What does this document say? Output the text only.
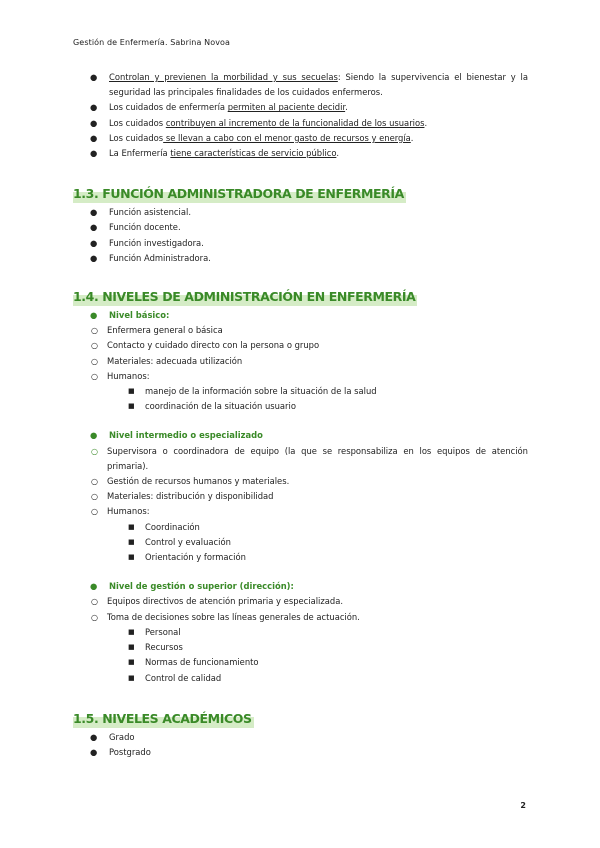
Gestión de Enfermería. Sabrina Novoa
● Controlan y previenen la morbilidad y sus secuelas: Siendo la supervivencia el bienestar y la seguridad las principales finalidades de los cuidados enfermeros.
● Los cuidados de enfermería permiten al paciente decidir.
● Los cuidados contribuyen al incremento de la funcionalidad de los usuarios.
● Los cuidados se llevan a cabo con el menor gasto de recursos y energía.
● La Enfermería tiene características de servicio público.
1.3. FUNCIÓN ADMINISTRADORA DE ENFERMERÍA
● Función asistencial.
● Función docente.
● Función investigadora.
● Función Administradora.
1.4. NIVELES DE ADMINISTRACIÓN EN ENFERMERÍA
● Nivel básico:
○ Enfermera general o básica
○ Contacto y cuidado directo con la persona o grupo
○ Materiales: adecuada utilización
○ Humanos:
■ manejo de la información sobre la situación de la salud
■ coordinación de la situación usuario
● Nivel intermedio o especializado
○ Supervisora o coordinadora de equipo (la que se responsabiliza en los equipos de atención primaria).
○ Gestión de recursos humanos y materiales.
○ Materiales: distribución y disponibilidad
○ Humanos:
■ Coordinación
■ Control y evaluación
■ Orientación y formación
● Nivel de gestión o superior (dirección):
○ Equipos directivos de atención primaria y especializada.
○ Toma de decisiones sobre las líneas generales de actuación.
■ Personal
■ Recursos
■ Normas de funcionamiento
■ Control de calidad
1.5. NIVELES ACADÉMICOS
● Grado
● Postgrado
2
